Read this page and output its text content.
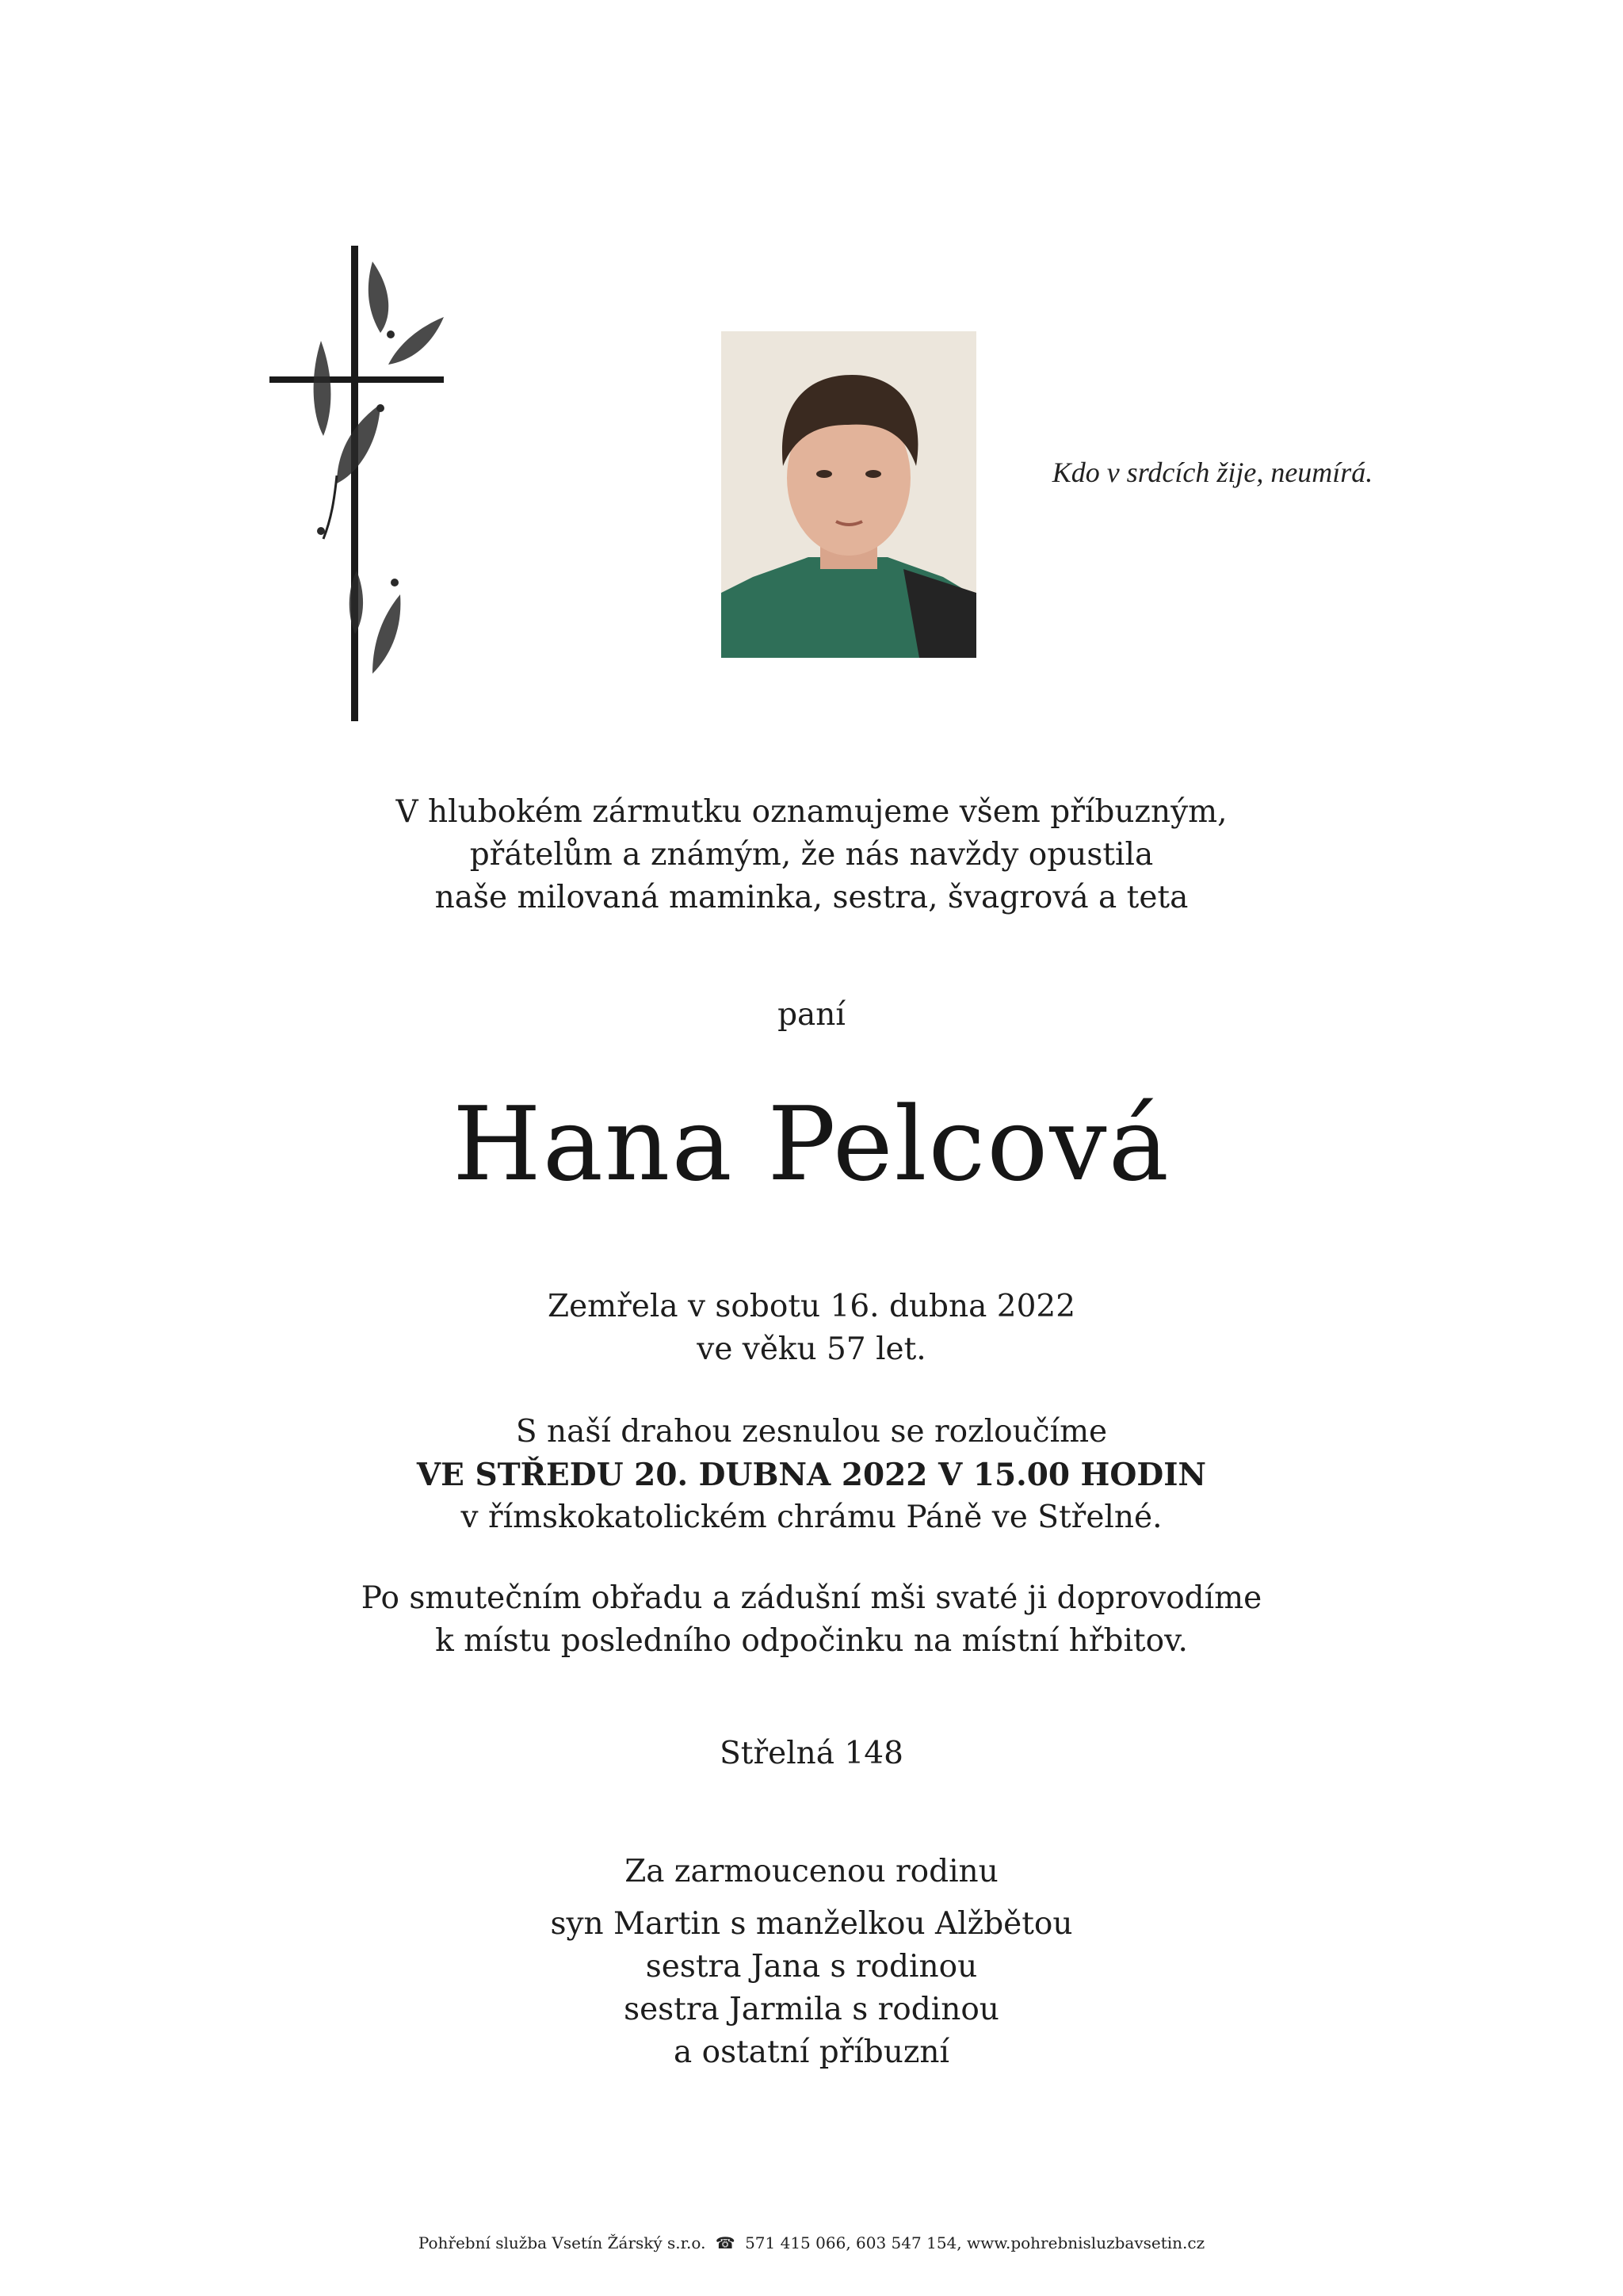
Kdo v srdcích žije, neumírá.
V hlubokém zármutku oznamujeme všem příbuzným,
přátelům a známým, že nás navždy opustila
naše milovaná maminka, sestra, švagrová a teta
paní
Hana Pelcová
Zemřela v sobotu 16. dubna 2022
ve věku 57 let.
S naší drahou zesnulou se rozloučíme
VE STŘEDU 20. DUBNA 2022 V 15.00 HODIN
v římskokatolickém chrámu Páně ve Střelné.
Po smutečním obřadu a zádušní mši svaté ji doprovodíme
k místu posledního odpočinku na místní hřbitov.
Střelná 148
Za zarmoucenou rodinu
syn Martin s manželkou Alžbětou
sestra Jana s rodinou
sestra Jarmila s rodinou
a ostatní příbuzní
Pohřební služba Vsetín Žárský s.r.o. ☎ 571 415 066, 603 547 154, www.pohrebnisluzbavsetin.cz
